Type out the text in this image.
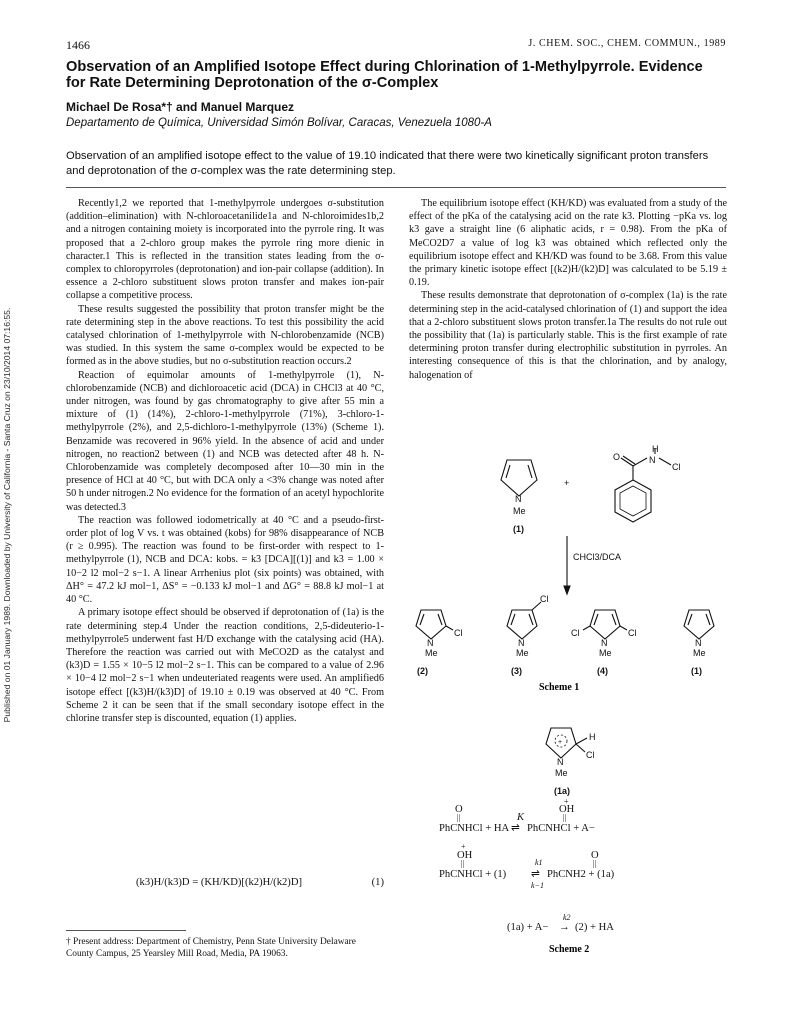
Published on 01 January 1989. Downloaded by University of California - Santa Cruz on 23/10/2014 07:16:55.
1466	J. CHEM. SOC., CHEM. COMMUN., 1989
Observation of an Amplified Isotope Effect during Chlorination of 1-Methylpyrrole. Evidence for Rate Determining Deprotonation of the σ-Complex
Michael De Rosa*† and Manuel Marquez
Departamento de Química, Universidad Simón Bolívar, Caracas, Venezuela 1080-A
Observation of an amplified isotope effect to the value of 19.10 indicated that there were two kinetically significant proton transfers and deprotonation of the σ-complex was the rate determining step.

Recently1,2 we reported that 1-methylpyrrole undergoes σ-substitution (addition–elimination) with N-chloroacetanilide1a and N-chloroimides1b,2 and a nitrogen containing moiety is incorporated into the pyrrole ring. It was proposed that a 2-chloro group makes the pyrrole ring more dienic in character.1 This is reflected in the transition states leading from the σ-complex to chloropyrroles (deprotonation) and ion-pair collapse (addition). In essence a 2-chloro substituent slows proton transfer and makes ion-pair collapse a competitive process.

These results suggested the possibility that proton transfer might be the rate determining step in the above reactions. To test this possibility the acid catalysed chlorination of 1-methylpyrrole with N-chlorobenzamide (NCB) was studied. In this system the same σ-complex would be expected to be formed as in the above studies, but no σ-substitution reaction occurs.2

Reaction of equimolar amounts of 1-methylpyrrole (1), N-chlorobenzamide (NCB) and dichloroacetic acid (DCA) in CHCl3 at 40 °C, under nitrogen, was found by gas chromatography to give after 55 min a mixture of (1) (14%), 2-chloro-1-methylpyrrole (71%), 3-chloro-1-methylpyrrole (2%), and 2,5-dichloro-1-methylpyrrole (13%) (Scheme 1). Benzamide was recovered in 96% yield. In the absence of acid and under nitrogen, no reaction2 between (1) and NCB was detected after 48 h. N-Chlorobenzamide was completely decomposed after 10—30 min in the presence of HCl at 40 °C, but with DCA only a <3% change was noted after 50 h under nitrogen.2 No evidence for the formation of an acetyl hypochlorite was detected.3

The reaction was followed iodometrically at 40 °C and a pseudo-first-order plot of log V vs. t was obtained (kobs) for 98% disappearance of NCB (r ≥ 0.995). The reaction was found to be first-order with respect to 1-methylpyrrole (1), NCB and DCA: kobs. = k3 [DCA][(1)] and k3 = 1.00 × 10−2 l2 mol−2 s−1. A linear Arrhenius plot (six points) was obtained, with ΔH° = 47.2 kJ mol−1, ΔS° = −0.133 kJ mol−1 and ΔG° = 88.8 kJ mol−1 at 40 °C.

A primary isotope effect should be observed if deprotonation of (1a) is the rate determining step.4 Under the reaction conditions, 2,5-dideuterio-1-methylpyrrole5 underwent fast H/D exchange with the catalysing acid (HA). Therefore the reaction was carried out with MeCO2D as the catalyst and (k3)D = 1.55 × 10−5 l2 mol−2 s−1. This can be compared to a value of 2.96 × 10−4 l2 mol−2 s−1 when undeuteriated reagents were used. An amplified6 isotope effect [(k3)H/(k3)D] of 19.10 ± 0.19 was observed at 40 °C. From Scheme 2 it can be seen that if the small secondary isotope effect in the chlorine transfer step is discounted, equation (1) applies.

(k3)H/(k3)D = (KH/KD)[(k2)H/(k2)D]	(1)
† Present address: Department of Chemistry, Penn State University Delaware County Campus, 25 Yearsley Mill Road, Media, PA 19063.

The equilibrium isotope effect (KH/KD) was evaluated from a study of the effect of the pKa of the catalysing acid on the rate k3. Plotting −pKa vs. log k3 gave a straight line (6 aliphatic acids, r = 0.98). From the pKa of MeCO2D7 a value of log k3 was obtained which reflected only the equilibrium isotope effect and KH/KD was found to be 3.68. From this value the primary kinetic isotope effect [(k2)H/(k2)D] was calculated to be 5.19 ± 0.19.

These results demonstrate that deprotonation of σ-complex (1a) is the rate determining step in the acid-catalysed chlorination of (1) and support the idea that a 2-chloro substituent slows proton transfer.1a The results do not rule out the possibility that (1a) is particularly stable. This is the first example of rate determining proton transfer during electrophilic substitution in pyrroles. An interesting consequence of this is that the chlorination, and by analogy, halogenation of

N
Me
(1)
+
O
H
N
Cl
CHCl3/DCA
N
Me
Cl
N
Me
Cl
N
Me
Cl
Cl
N
Me
(2)	(3)	(4)	(1)
Scheme 1
+
H
Cl
N
Me
(1a)
O
||
+
OH
||
K
PhCNHCl + HA ⇌ PhCNHCl + A−
+
OH
||
O
||
k1
PhCNHCl + (1) ⇌ PhCNH2 + (1a)
k−1
k2
(1a) + A− → (2) + HA
Scheme 2
